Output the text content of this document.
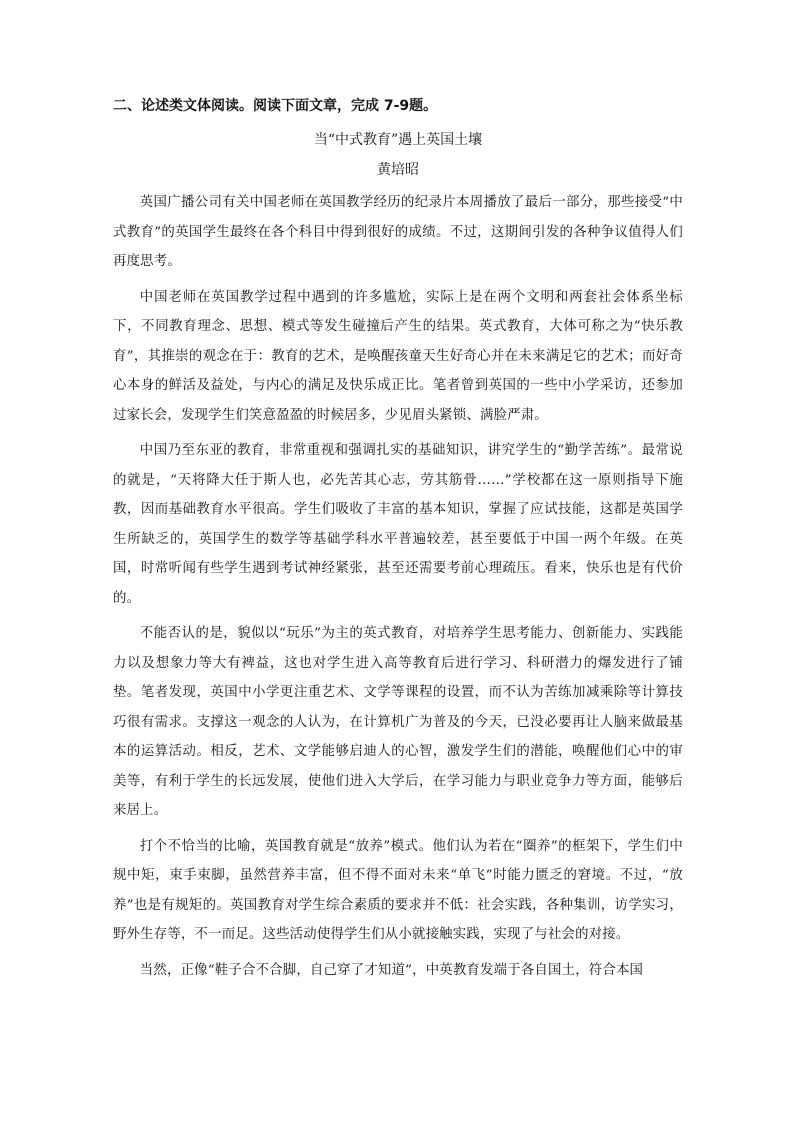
二、论述类文体阅读。阅读下面文章，完成 7-9题。
当“中式教育”遇上英国土壤
黄培昭

英国广播公司有关中国老师在英国教学经历的纪录片本周播放了最后一部分，那些接受“中式教育”的英国学生最终在各个科目中得到很好的成绩。不过，这期间引发的各种争议值得人们再度思考。

中国老师在英国教学过程中遇到的许多尴尬，实际上是在两个文明和两套社会体系坐标下，不同教育理念、思想、模式等发生碰撞后产生的结果。英式教育，大体可称之为“快乐教育”，其推崇的观念在于：教育的艺术，是唤醒孩童天生好奇心并在未来满足它的艺术；而好奇心本身的鲜活及益处，与内心的满足及快乐成正比。笔者曾到英国的一些中小学采访，还参加过家长会，发现学生们笑意盈盈的时候居多，少见眉头紧锁、满脸严肃。

中国乃至东亚的教育，非常重视和强调扎实的基础知识，讲究学生的“勤学苦练”。最常说的就是，“天将降大任于斯人也，必先苦其心志，劳其筋骨……”学校都在这一原则指导下施教，因而基础教育水平很高。学生们吸收了丰富的基本知识，掌握了应试技能，这都是英国学生所缺乏的，英国学生的数学等基础学科水平普遍较差，甚至要低于中国一两个年级。在英国，时常听闻有些学生遇到考试神经紧张，甚至还需要考前心理疏压。看来，快乐也是有代价的。

不能否认的是，貌似以“玩乐”为主的英式教育，对培养学生思考能力、创新能力、实践能力以及想象力等大有裨益，这也对学生进入高等教育后进行学习、科研潜力的爆发进行了铺垫。笔者发现，英国中小学更注重艺术、文学等课程的设置，而不认为苦练加减乘除等计算技巧很有需求。支撑这一观念的人认为，在计算机广为普及的今天，已没必要再让人脑来做最基本的运算活动。相反，艺术、文学能够启迪人的心智，激发学生们的潜能，唤醒他们心中的审美等，有利于学生的长远发展，使他们进入大学后，在学习能力与职业竞争力等方面，能够后来居上。

打个不恰当的比喻，英国教育就是“放养”模式。他们认为若在“圈养”的框架下，学生们中规中矩，束手束脚，虽然营养丰富，但不得不面对未来“单飞”时能力匮乏的窘境。不过，“放养”也是有规矩的。英国教育对学生综合素质的要求并不低：社会实践，各种集训，访学实习，野外生存等，不一而足。这些活动使得学生们从小就接触实践，实现了与社会的对接。

当然，正像“鞋子合不合脚，自己穿了才知道”，中英教育发端于各自国土，符合本国
